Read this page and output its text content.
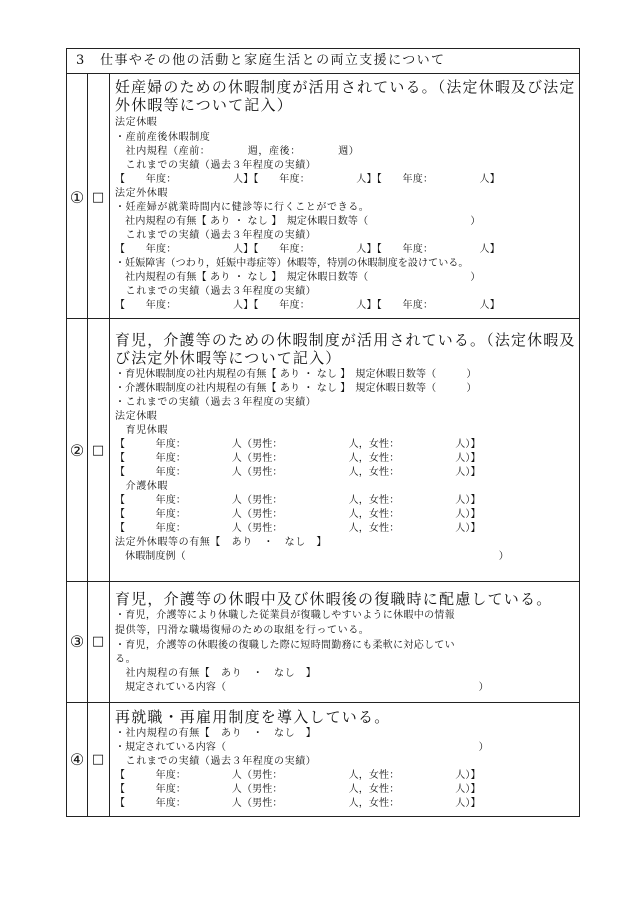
3　仕事やその他の活動と家庭生活との両立支援について
① □
妊産婦のための休暇制度が活用されている。（法定休暇及び法定
外休暇等について記入）
法定休暇
・産前産後休暇制度
　社内規程（産前：　　　　週，産後：　　　　週）
　これまでの実績（過去３年程度の実績）
【　　年度：　　　　　　人】【　　年度：　　　　　人】【　　年度：　　　　　人】
法定外休暇
・妊産婦が就業時間内に健診等に行くことができる。
　社内規程の有無【 あり ・ なし 】　規定休暇日数等（　　　　　　　　　　）
　これまでの実績（過去３年程度の実績）
【　　年度：　　　　　　人】【　　年度：　　　　　人】【　　年度：　　　　　人】
・妊娠障害（つわり，妊娠中毒症等）休暇等，特別の休暇制度を設けている。
　社内規程の有無【 あり ・ なし 】　規定休暇日数等（　　　　　　　　　　）
　これまでの実績（過去３年程度の実績）
【　　年度：　　　　　　人】【　　年度：　　　　　人】【　　年度：　　　　　人】
② □
育児，介護等のための休暇制度が活用されている。（法定休暇及
び法定外休暇等について記入）
・育児休暇制度の社内規程の有無【 あり ・ なし 】　規定休暇日数等（　　　）
・介護休暇制度の社内規程の有無【 あり ・ なし 】　規定休暇日数等（　　　）
・これまでの実績（過去３年程度の実績）
法定休暇
　育児休暇
【　　　年度：　　　　　人（男性：　　　　　　　人，女性：　　　　　　人）】
【　　　年度：　　　　　人（男性：　　　　　　　人，女性：　　　　　　人）】
【　　　年度：　　　　　人（男性：　　　　　　　人，女性：　　　　　　人）】
　介護休暇
【　　　年度：　　　　　人（男性：　　　　　　　人，女性：　　　　　　人）】
【　　　年度：　　　　　人（男性：　　　　　　　人，女性：　　　　　　人）】
【　　　年度：　　　　　人（男性：　　　　　　　人，女性：　　　　　　人）】
法定外休暇等の有無【　あり　・　なし　】
　休暇制度例（　　　　　　　　　　　　　　　　　　　　　　　　　　　　　　　）
③ □
育児，介護等の休暇中及び休暇後の復職時に配慮している。
・育児，介護等により休職した従業員が復職しやすいように休暇中の情報
提供等，円滑な職場復帰のための取組を行っている。
・育児，介護等の休暇後の復職した際に短時間勤務にも柔軟に対応してい
る。
　社内規程の有無【　あり　・　なし　】
　規定されている内容（　　　　　　　　　　　　　　　　　　　　　　　　　）
④ □
再就職・再雇用制度を導入している。
・社内規程の有無【　あり　・　なし　】
・規定されている内容（　　　　　　　　　　　　　　　　　　　　　　　　　）
　これまでの実績（過去３年程度の実績）
【　　　年度：　　　　　人（男性：　　　　　　　人，女性：　　　　　　人）】
【　　　年度：　　　　　人（男性：　　　　　　　人，女性：　　　　　　人）】
【　　　年度：　　　　　人（男性：　　　　　　　人，女性：　　　　　　人）】
